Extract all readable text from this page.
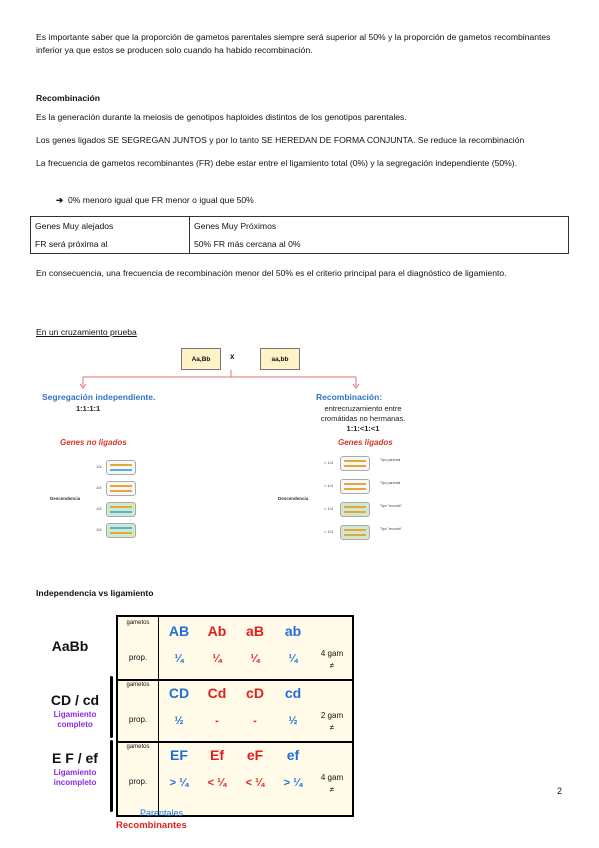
Es importante saber que la proporción de gametos parentales siempre será superior al 50% y la proporción de gametos recombinantes inferior ya que estos se producen solo cuando ha habido recombinación.
Recombinación
Es la generación durante la meiosis de genotipos haploides distintos de los genotipos parentales.
Los genes ligados SE SEGREGAN JUNTOS y por lo tanto SE HEREDAN DE FORMA CONJUNTA. Se reduce la recombinación
La frecuencia de gametos recombinantes (FR) debe estar entre el ligamiento total (0%) y la segregación independiente (50%).
➔ 0% menoro igual que FR menor o igual que 50%
Genes Muy alejados	Genes Muy Próximos
FR será próxima al	50% FR más cercana al 0%
En consecuencia, una frecuencia de recombinación menor del 50% es el criterio principal para el diagnóstico de ligamiento.
En un cruzamiento prueba
Aa,Bb	x	aa,bb
Segregación independiente.
1:1:1:1
Genes no ligados
Recombinación:
entrecruzamiento entre
cromátidas no hermanas.
1:1:<1:<1
Genes ligados
Descendencia	Descendencia
1/4
1/4
1/4
1/4
> 1/4	Tipo parental
> 1/4	Tipo parental
< 1/4	Tipo "recomb"
< 1/4	Tipo "recomb"
Independencia vs ligamiento
AaBb
CD / cd
Ligamiento completo
E F / ef
Ligamiento incompleto
gametos
prop.
AB	Ab	aB	ab
¼	¼	¼	¼	4 gam
≠
gametos
prop.
CD	Cd	cD	cd
½	-	-	½	2 gam
≠
gametos
prop.
EF	Ef	eF	ef
> ¼	< ¼	< ¼	> ¼	4 gam
≠
Parentales
Recombinantes
2
